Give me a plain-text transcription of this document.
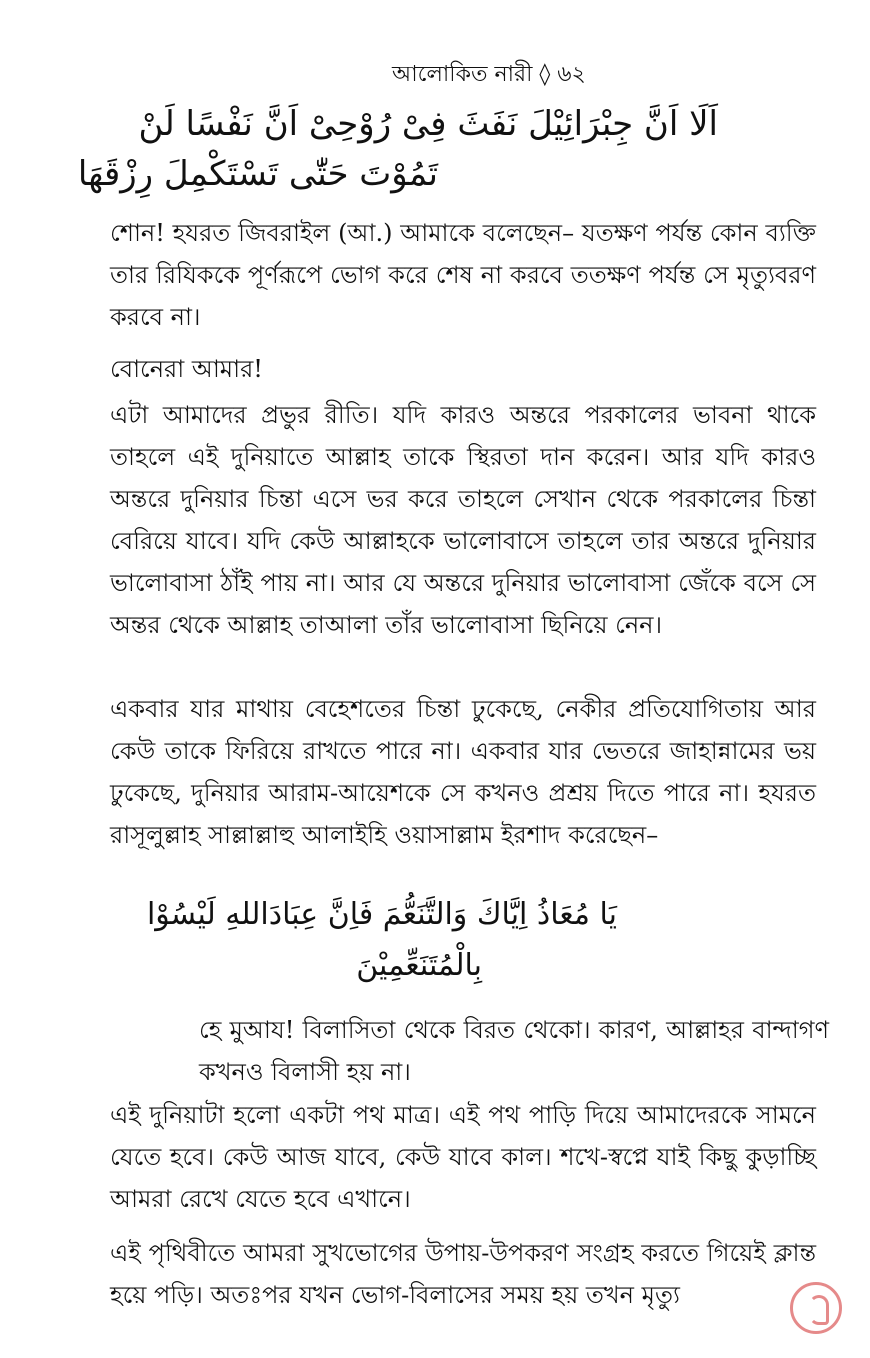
আলোকিত নারী ◊ ৬২
اَلَا اَنَّ جِبْرَائِيْلَ نَفَثَ فِىْ رُوْحِىْ اَنَّ نَفْسًا لَنْ
تَمُوْتَ حَتّٰى تَسْتَكْمِلَ رِزْقَهَا

শোন! হযরত জিবরাইল (আ.) আমাকে বলেছেন– যতক্ষণ পর্যন্ত কোন ব্যক্তি তার রিযিককে পূর্ণরূপে ভোগ করে শেষ না করবে ততক্ষণ পর্যন্ত সে মৃত্যুবরণ করবে না।

বোনেরা আমার!

এটা আমাদের প্রভুর রীতি। যদি কারও অন্তরে পরকালের ভাবনা থাকে তাহলে এই দুনিয়াতে আল্লাহ তাকে স্থিরতা দান করেন। আর যদি কারও অন্তরে দুনিয়ার চিন্তা এসে ভর করে তাহলে সেখান থেকে পরকালের চিন্তা বেরিয়ে যাবে। যদি কেউ আল্লাহকে ভালোবাসে তাহলে তার অন্তরে দুনিয়ার ভালোবাসা ঠাঁই পায় না। আর যে অন্তরে দুনিয়ার ভালোবাসা জেঁকে বসে সে অন্তর থেকে আল্লাহ তাআলা তাঁর ভালোবাসা ছিনিয়ে নেন।

একবার যার মাথায় বেহেশতের চিন্তা ঢুকেছে, নেকীর প্রতিযোগিতায় আর কেউ তাকে ফিরিয়ে রাখতে পারে না। একবার যার ভেতরে জাহান্নামের ভয় ঢুকেছে, দুনিয়ার আরাম-আয়েশকে সে কখনও প্রশ্রয় দিতে পারে না। হযরত রাসূলুল্লাহ সাল্লাল্লাহু আলাইহি ওয়াসাল্লাম ইরশাদ করেছেন–

يَا مُعَاذُ اِيَّاكَ وَالتَّنَعُّمَ فَاِنَّ عِبَادَاللهِ لَيْسُوْا
بِالْمُتَنَعِّمِيْنَ

হে মুআয! বিলাসিতা থেকে বিরত থেকো। কারণ, আল্লাহর বান্দাগণ কখনও বিলাসী হয় না।

এই দুনিয়াটা হলো একটা পথ মাত্র। এই পথ পাড়ি দিয়ে আমাদেরকে সামনে যেতে হবে। কেউ আজ যাবে, কেউ যাবে কাল। শখে-স্বপ্নে যাই কিছু কুড়াচ্ছি আমরা রেখে যেতে হবে এখানে।

এই পৃথিবীতে আমরা সুখভোগের উপায়-উপকরণ সংগ্রহ করতে গিয়েই ক্লান্ত হয়ে পড়ি। অতঃপর যখন ভোগ-বিলাসের সময় হয় তখন মৃত্যু
